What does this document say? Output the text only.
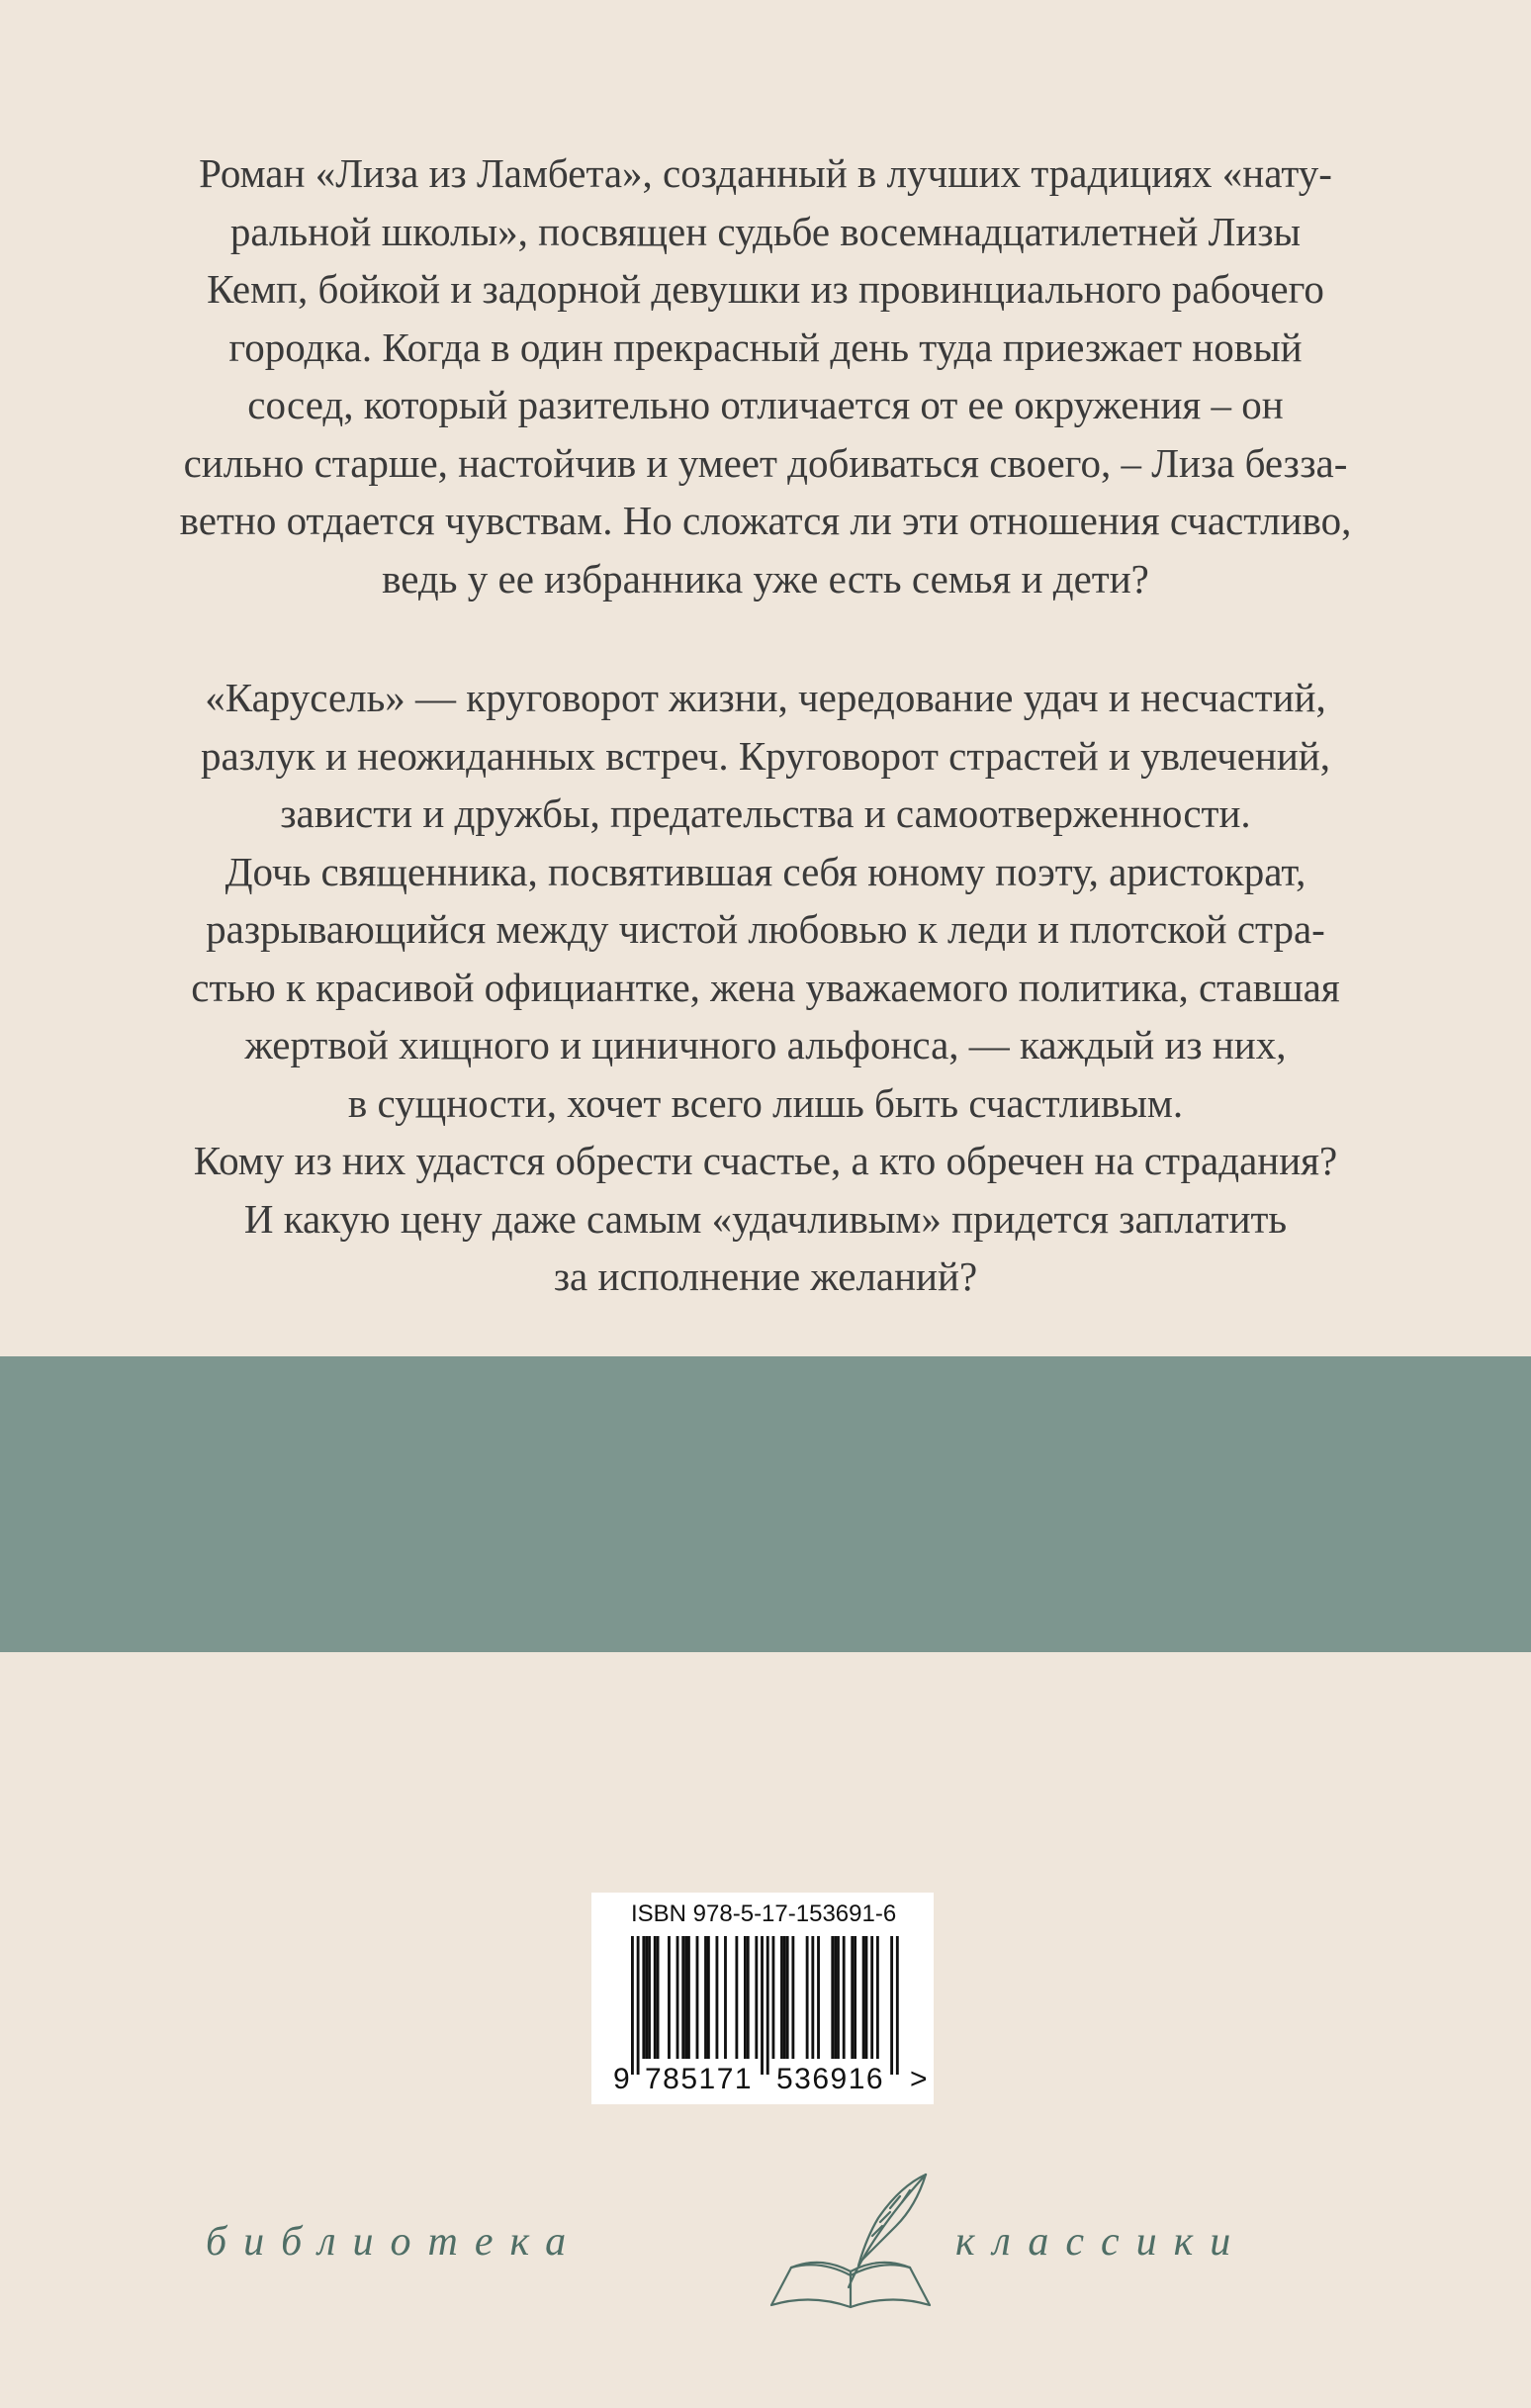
Роман «Лиза из Ламбета», созданный в лучших традициях «нату-
ральной школы», посвящен судьбе восемнадцатилетней Лизы
Кемп, бойкой и задорной девушки из провинциального рабочего
городка. Когда в один прекрасный день туда приезжает новый
сосед, который разительно отличается от ее окружения – он
сильно старше, настойчив и умеет добиваться своего, – Лиза безза-
ветно отдается чувствам. Но сложатся ли эти отношения счастливо,
ведь у ее избранника уже есть семья и дети?
«Карусель» — круговорот жизни, чередование удач и несчастий,
разлук и неожиданных встреч. Круговорот страстей и увлечений,
зависти и дружбы, предательства и самоотверженности.
Дочь священника, посвятившая себя юному поэту, аристократ,
разрывающийся между чистой любовью к леди и плотской стра-
стью к красивой официантке, жена уважаемого политика, ставшая
жертвой хищного и циничного альфонса, — каждый из них,
в сущности, хочет всего лишь быть счастливым.
Кому из них удастся обрести счастье, а кто обречен на страдания?
И какую цену даже самым «удачливым» придется заплатить
за исполнение желаний?
ISBN 978-5-17-153691-6
9 785171 536916 >
библиотека	классики
